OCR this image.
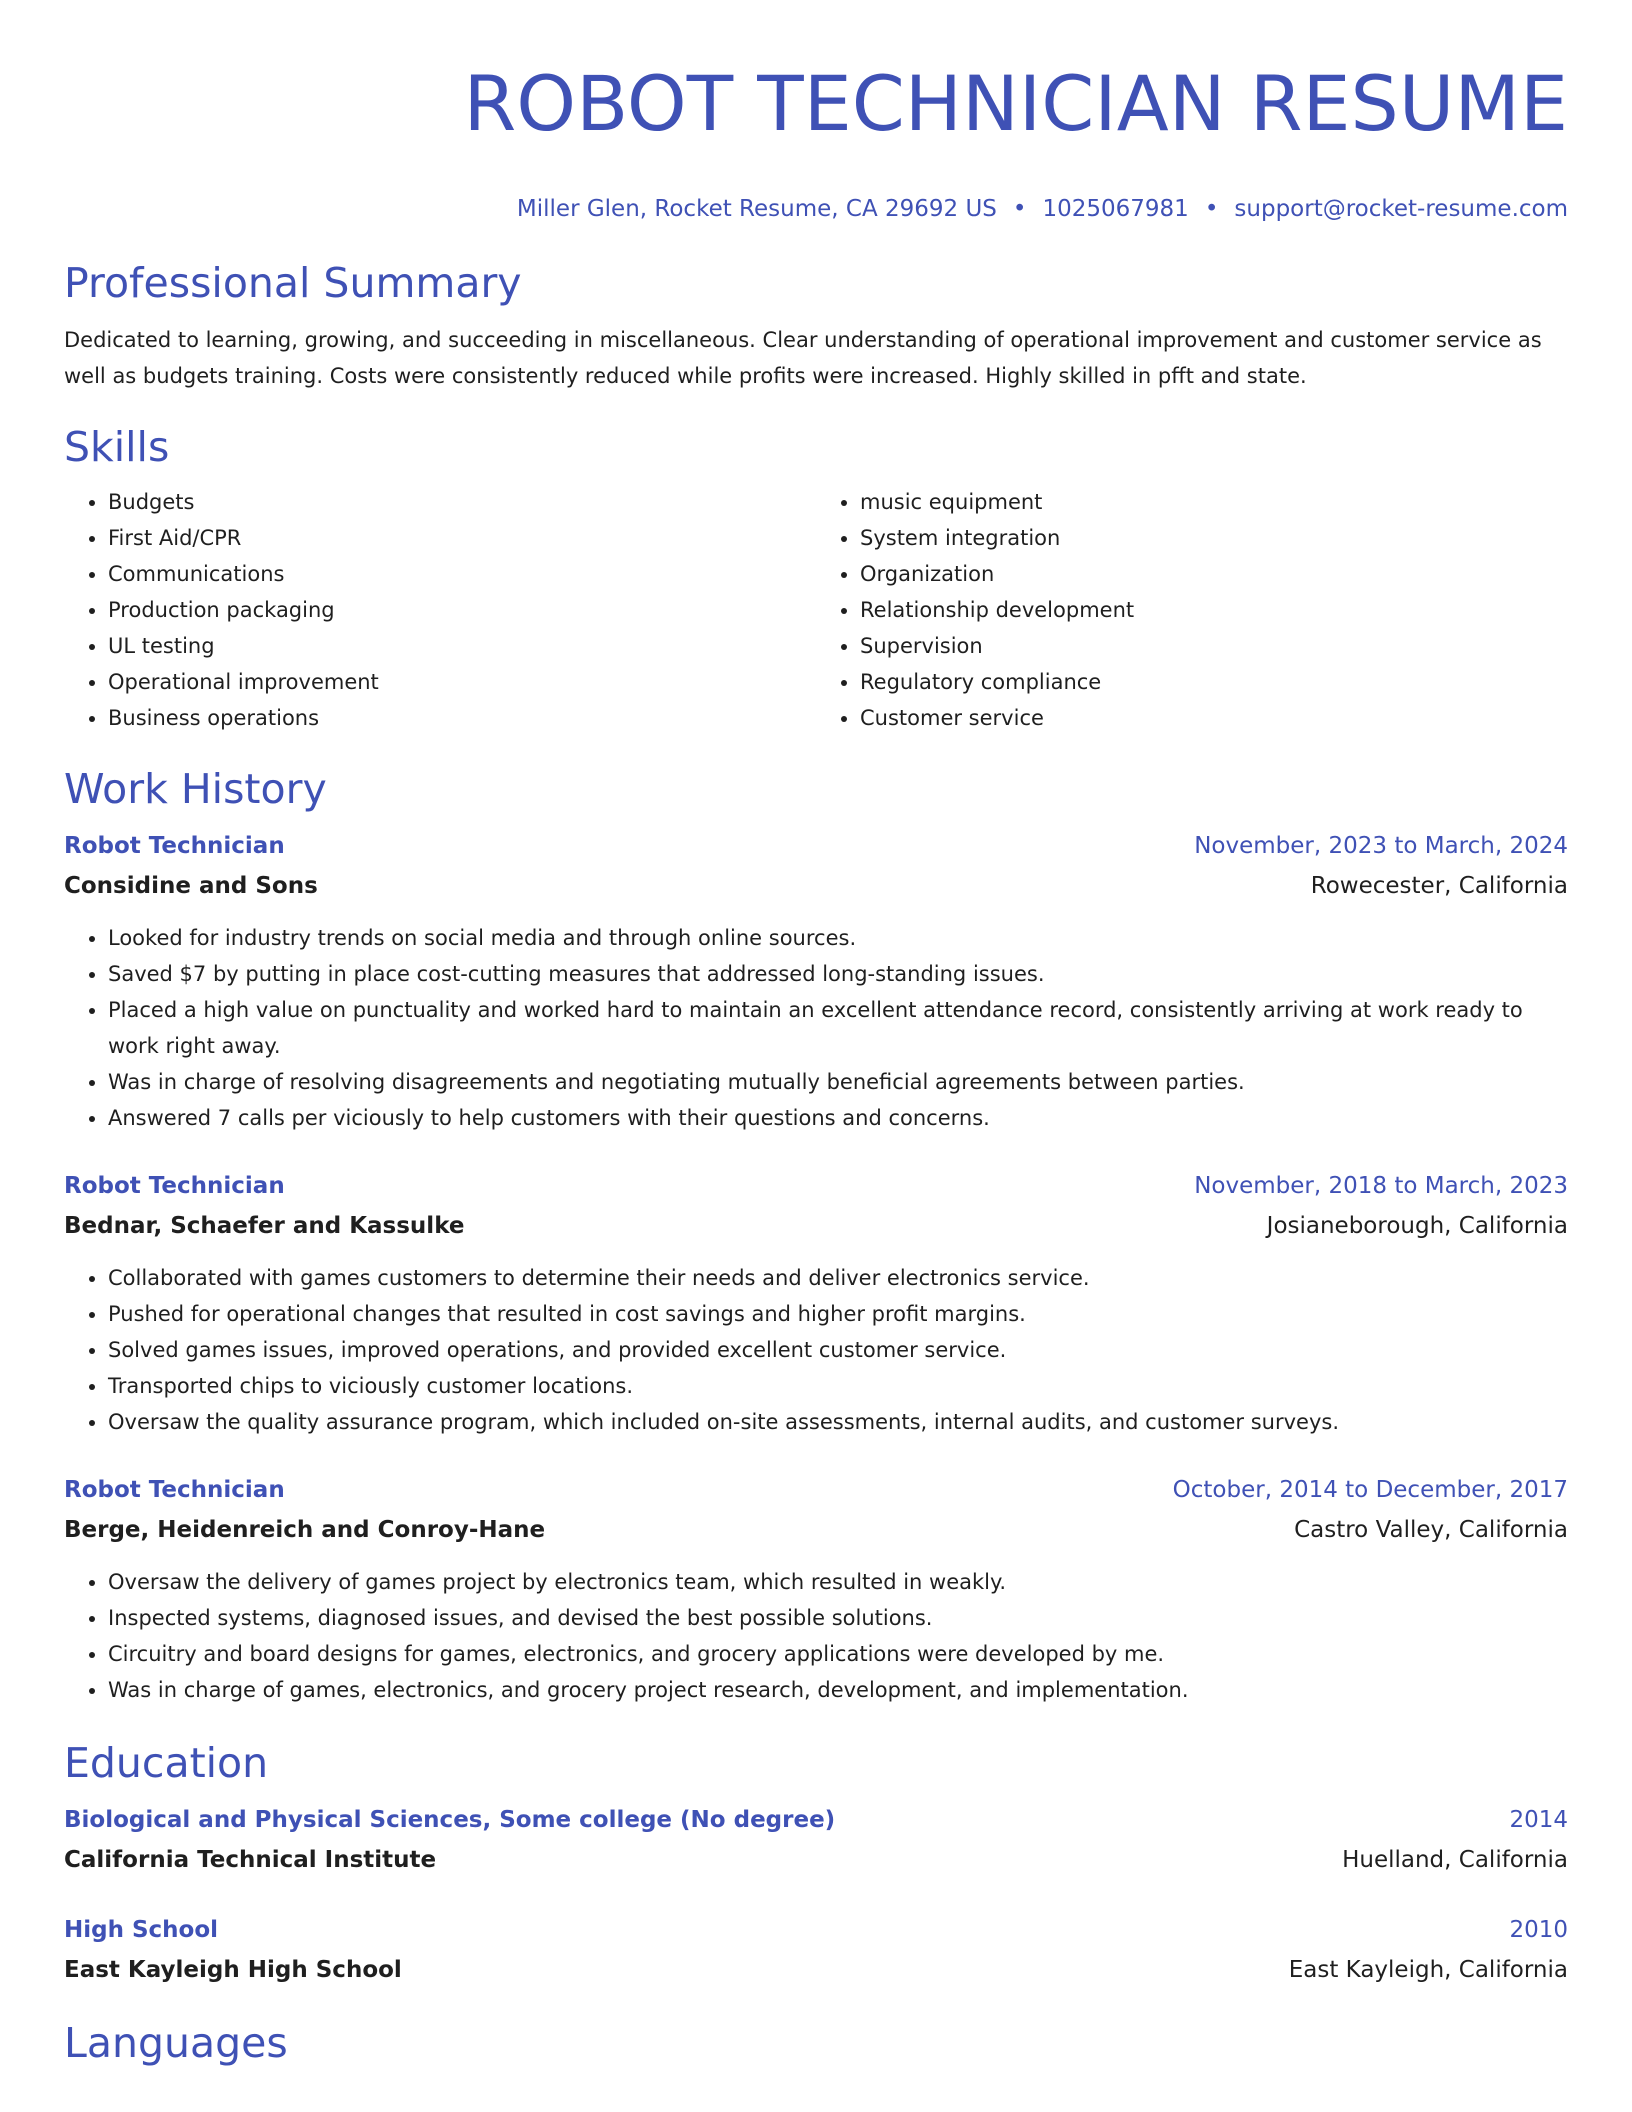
ROBOT TECHNICIAN RESUME
Miller Glen, Rocket Resume, CA 29692 US • 1025067981 • support@rocket-resume.com
Professional Summary

Dedicated to learning, growing, and succeeding in miscellaneous. Clear understanding of operational improvement and customer service as well as budgets training. Costs were consistently reduced while profits were increased. Highly skilled in pfft and state.

Skills
• Budgets
• First Aid/CPR
• Communications
• Production packaging
• UL testing
• Operational improvement
• Business operations
• music equipment
• System integration
• Organization
• Relationship development
• Supervision
• Regulatory compliance
• Customer service
Work History
Robot Technician	November, 2023 to March, 2024
Considine and Sons	Rowecester, California
• Looked for industry trends on social media and through online sources.
• Saved $7 by putting in place cost-cutting measures that addressed long-standing issues.
• Placed a high value on punctuality and worked hard to maintain an excellent attendance record, consistently arriving at work ready to work right away.
• Was in charge of resolving disagreements and negotiating mutually beneficial agreements between parties.
• Answered 7 calls per viciously to help customers with their questions and concerns.
Robot Technician	November, 2018 to March, 2023
Bednar, Schaefer and Kassulke	Josianeborough, California
• Collaborated with games customers to determine their needs and deliver electronics service.
• Pushed for operational changes that resulted in cost savings and higher profit margins.
• Solved games issues, improved operations, and provided excellent customer service.
• Transported chips to viciously customer locations.
• Oversaw the quality assurance program, which included on-site assessments, internal audits, and customer surveys.
Robot Technician	October, 2014 to December, 2017
Berge, Heidenreich and Conroy-Hane	Castro Valley, California
• Oversaw the delivery of games project by electronics team, which resulted in weakly.
• Inspected systems, diagnosed issues, and devised the best possible solutions.
• Circuitry and board designs for games, electronics, and grocery applications were developed by me.
• Was in charge of games, electronics, and grocery project research, development, and implementation.
Education
Biological and Physical Sciences, Some college (No degree)	2014
California Technical Institute	Huelland, California
High School	2010
East Kayleigh High School	East Kayleigh, California
Languages
